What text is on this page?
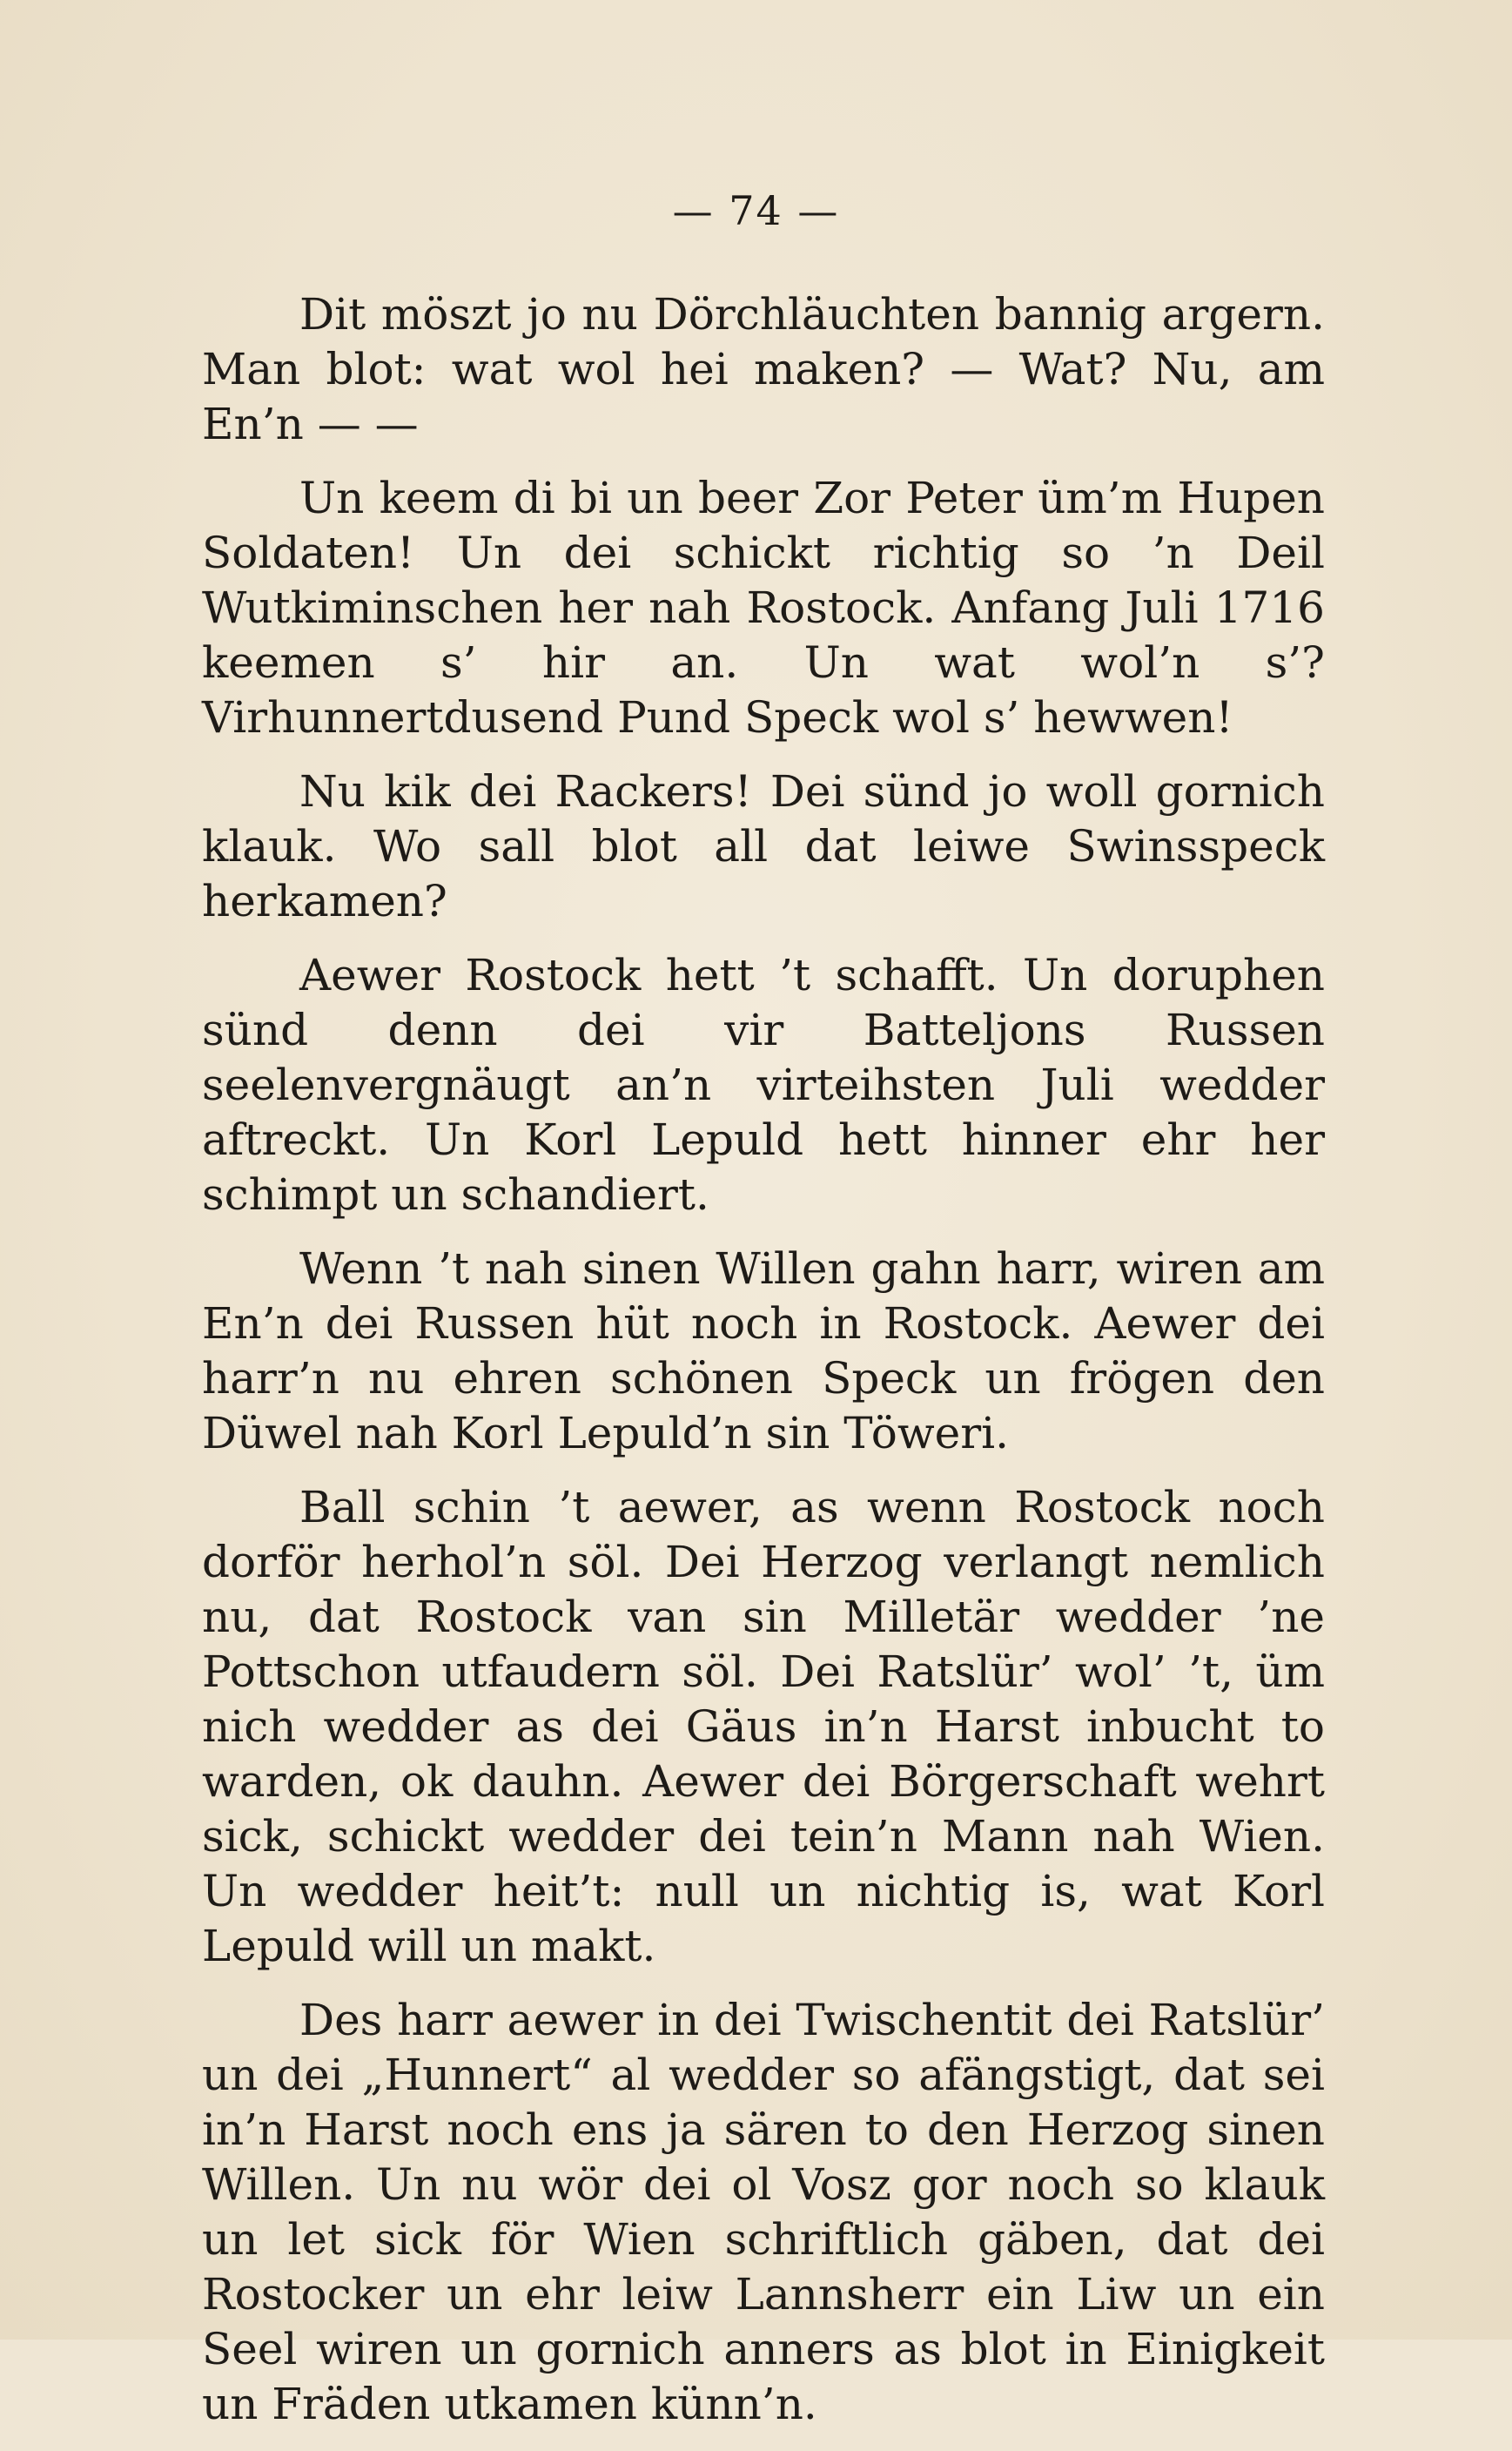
— 74 —

Dit möszt jo nu Dörchläuchten bannig argern. Man blot: wat wol hei maken? — Wat? Nu, am En’n — —

Un keem di bi un beer Zor Peter üm’m Hupen Soldaten! Un dei schickt richtig so ’n Deil Wutkiminschen her nah Rostock. Anfang Juli 1716 keemen s’ hir an. Un wat wol’n s’? Virhunnertdusend Pund Speck wol s’ hewwen!

Nu kik dei Rackers! Dei sünd jo woll gornich klauk. Wo sall blot all dat leiwe Swinsspeck herkamen?

Aewer Rostock hett ’t schafft. Un doruphen sünd denn dei vir Batteljons Russen seelenvergnäugt an’n virteihsten Juli wedder aftreckt. Un Korl Lepuld hett hinner ehr her schimpt un schandiert.

Wenn ’t nah sinen Willen gahn harr, wiren am En’n dei Russen hüt noch in Rostock. Aewer dei harr’n nu ehren schönen Speck un frögen den Düwel nah Korl Lepuld’n sin Töweri.

Ball schin ’t aewer, as wenn Rostock noch dorför herhol’n söl. Dei Herzog verlangt nemlich nu, dat Rostock van sin Milletär wedder ’ne Pottschon utfaudern söl. Dei Ratslür’ wol’ ’t, üm nich wedder as dei Gäus in’n Harst inbucht to warden, ok dauhn. Aewer dei Börgerschaft wehrt sick, schickt wedder dei tein’n Mann nah Wien. Un wedder heit’t: null un nichtig is, wat Korl Lepuld will un makt.

Des harr aewer in dei Twischentit dei Ratslür’ un dei „Hunnert“ al wedder so afängstigt, dat sei in’n Harst noch ens ja sären to den Herzog sinen Willen. Un nu wör dei ol Vosz gor noch so klauk un let sick för Wien schriftlich gäben, dat dei Rostocker un ehr leiw Lannsherr ein Liw un ein Seel wiren un gornich anners as blot in Einigkeit un Fräden utkamen künn’n.
